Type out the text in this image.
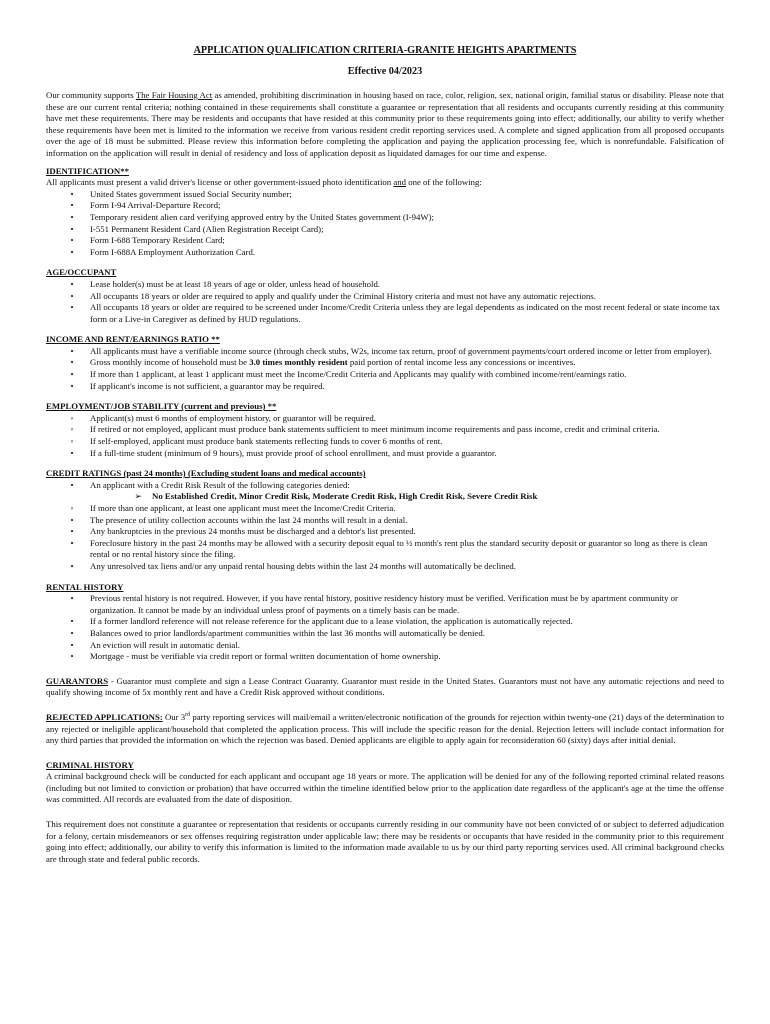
APPLICATION QUALIFICATION CRITERIA-GRANITE HEIGHTS APARTMENTS
Effective 04/2023

Our community supports The Fair Housing Act as amended, prohibiting discrimination in housing based on race, color, religion, sex, national origin, familial status or disability. Please note that these are our current rental criteria; nothing contained in these requirements shall constitute a guarantee or representation that all residents and occupants currently residing at this community have met these requirements. There may be residents and occupants that have resided at this community prior to these requirements going into effect; additionally, our ability to verify whether these requirements have been met is limited to the information we receive from various resident credit reporting services used. A complete and signed application from all proposed occupants over the age of 18 must be submitted. Please review this information before completing the application and paying the application processing fee, which is nonrefundable. Falsification of information on the application will result in denial of residency and loss of application deposit as liquidated damages for our time and expense.

IDENTIFICATION**

All applicants must present a valid driver's license or other government-issued photo identification and one of the following:

•	United States government issued Social Security number;
•	Form I-94 Arrival-Departure Record;
•	Temporary resident alien card verifying approved entry by the United States government (I-94W);
•	I-551 Permanent Resident Card (Alien Registration Receipt Card);
•	Form I-688 Temporary Resident Card;
•	Form I-688A Employment Authorization Card.
AGE/OCCUPANT
•	Lease holder(s) must be at least 18 years of age or older, unless head of household.
•	All occupants 18 years or older are required to apply and qualify under the Criminal History criteria and must not have any automatic rejections.
•	All occupants 18 years or older are required to be screened under Income/Credit Criteria unless they are legal dependents as indicated on the most recent federal or state income tax form or a Live-in Caregiver as defined by HUD regulations.
INCOME AND RENT/EARNINGS RATIO **
•	All applicants must have a verifiable income source (through check stubs, W2s, income tax return, proof of government payments/court ordered income or letter from employer).
•	Gross monthly income of household must be 3.0 times monthly resident paid portion of rental income less any concessions or incentives.
•	If more than 1 applicant, at least 1 applicant must meet the Income/Credit Criteria and Applicants may qualify with combined income/rent/earnings ratio.
•	If applicant's income is not sufficient, a guarantor may be required.
EMPLOYMENT/JOB STABILITY (current and previous) **
◦	Applicant(s) must 6 months of employment history, or guarantor will be required.
◦	If retired or not employed, applicant must produce bank statements sufficient to meet minimum income requirements and pass income, credit and criminal criteria.
◦	If self-employed, applicant must produce bank statements reflecting funds to cover 6 months of rent.
•	If a full-time student (minimum of 9 hours), must provide proof of school enrollment, and must provide a guarantor.
CREDIT RATINGS (past 24 months) (Excluding student loans and medical accounts)
•	An applicant with a Credit Risk Result of the following categories denied:
➢ No Established Credit, Minor Credit Risk, Moderate Credit Risk, High Credit Risk, Severe Credit Risk
◦	If more than one applicant, at least one applicant must meet the Income/Credit Criteria.
•	The presence of utility collection accounts within the last 24 months will result in a denial.
•	Any bankruptcies in the previous 24 months must be discharged and a debtor's list presented.
•	Foreclosure history in the past 24 months may be allowed with a security deposit equal to ½ month's rent plus the standard security deposit or guarantor so long as there is clean rental or no rental history since the filing.
•	Any unresolved tax liens and/or any unpaid rental housing debts within the last 24 months will automatically be declined.
RENTAL HISTORY
•	Previous rental history is not required. However, if you have rental history, positive residency history must be verified. Verification must be by apartment community or organization. It cannot be made by an individual unless proof of payments on a timely basis can be made.
•	If a former landlord reference will not release reference for the applicant due to a lease violation, the application is automatically rejected.
•	Balances owed to prior landlords/apartment communities within the last 36 months will automatically be denied.
•	An eviction will result in automatic denial.
•	Mortgage - must be verifiable via credit report or formal written documentation of home ownership.

GUARANTORS - Guarantor must complete and sign a Lease Contract Guaranty. Guarantor must reside in the United States. Guarantors must not have any automatic rejections and need to qualify showing income of 5x monthly rent and have a Credit Risk approved without conditions.

REJECTED APPLICATIONS: Our 3rd party reporting services will mail/email a written/electronic notification of the grounds for rejection within twenty-one (21) days of the determination to any rejected or ineligible applicant/household that completed the application process. This will include the specific reason for the denial. Rejection letters will include contact information for any third parties that provided the information on which the rejection was based. Denied applicants are eligible to apply again for reconsideration 60 (sixty) days after initial denial.

CRIMINAL HISTORY

A criminal background check will be conducted for each applicant and occupant age 18 years or more. The application will be denied for any of the following reported criminal related reasons (including but not limited to conviction or probation) that have occurred within the timeline identified below prior to the application date regardless of the applicant's age at the time the offense was committed. All records are evaluated from the date of disposition.

This requirement does not constitute a guarantee or representation that residents or occupants currently residing in our community have not been convicted of or subject to deferred adjudication for a felony, certain misdemeanors or sex offenses requiring registration under applicable law; there may be residents or occupants that have resided in the community prior to this requirement going into effect; additionally, our ability to verify this information is limited to the information made available to us by our third party reporting services used. All criminal background checks are through state and federal public records.
